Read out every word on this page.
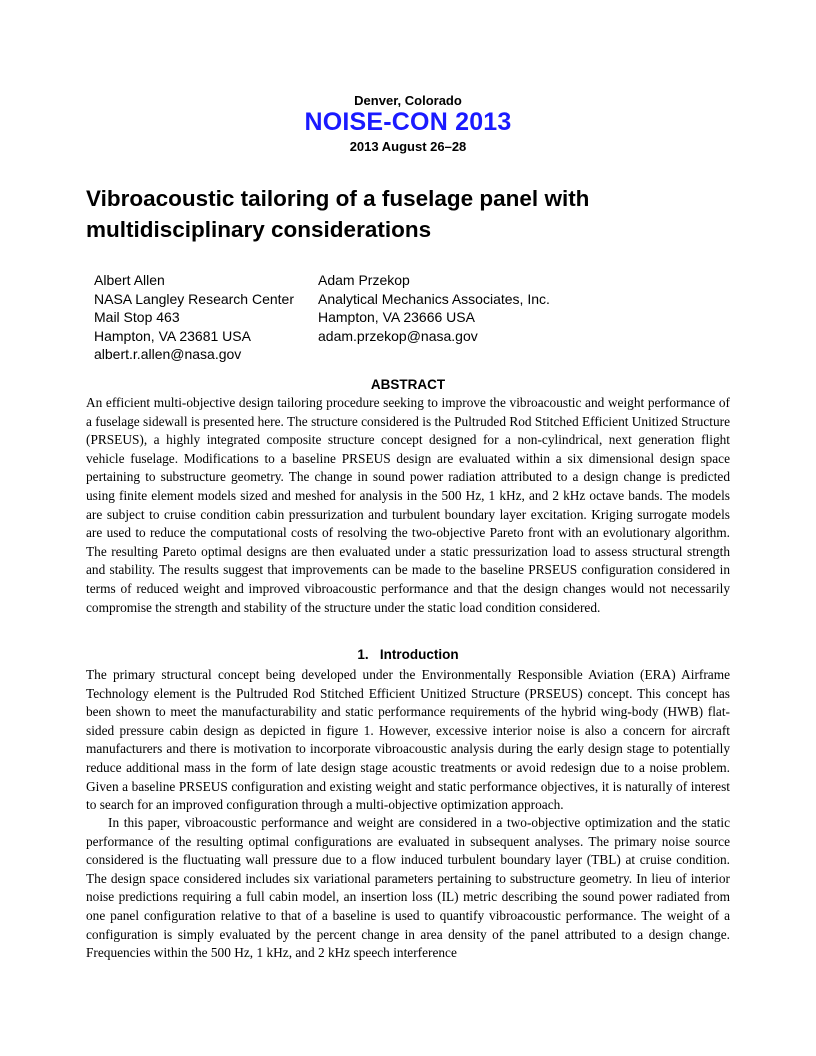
Denver, Colorado
NOISE-CON 2013
2013 August 26–28
Vibroacoustic tailoring of a fuselage panel with multidisciplinary considerations
Albert Allen
NASA Langley Research Center
Mail Stop 463
Hampton, VA 23681 USA
albert.r.allen@nasa.gov
Adam Przekop
Analytical Mechanics Associates, Inc.
Hampton, VA 23666 USA
adam.przekop@nasa.gov
ABSTRACT

An efficient multi-objective design tailoring procedure seeking to improve the vibroacoustic and weight performance of a fuselage sidewall is presented here. The structure considered is the Pultruded Rod Stitched Efficient Unitized Structure (PRSEUS), a highly integrated composite structure concept designed for a non-cylindrical, next generation flight vehicle fuselage. Modifications to a baseline PRSEUS design are evaluated within a six dimensional design space pertaining to substructure geometry. The change in sound power radiation attributed to a design change is predicted using finite element models sized and meshed for analysis in the 500 Hz, 1 kHz, and 2 kHz octave bands. The models are subject to cruise condition cabin pressurization and turbulent boundary layer excitation. Kriging surrogate models are used to reduce the computational costs of resolving the two-objective Pareto front with an evolutionary algorithm. The resulting Pareto optimal designs are then evaluated under a static pressurization load to assess structural strength and stability. The results suggest that improvements can be made to the baseline PRSEUS configuration considered in terms of reduced weight and improved vibroacoustic performance and that the design changes would not necessarily compromise the strength and stability of the structure under the static load condition considered.

1.   Introduction

The primary structural concept being developed under the Environmentally Responsible Aviation (ERA) Airframe Technology element is the Pultruded Rod Stitched Efficient Unitized Structure (PRSEUS) concept. This concept has been shown to meet the manufacturability and static performance requirements of the hybrid wing-body (HWB) flat-sided pressure cabin design as depicted in figure 1. However, excessive interior noise is also a concern for aircraft manufacturers and there is motivation to incorporate vibroacoustic analysis during the early design stage to potentially reduce additional mass in the form of late design stage acoustic treatments or avoid redesign due to a noise problem. Given a baseline PRSEUS configuration and existing weight and static performance objectives, it is naturally of interest to search for an improved configuration through a multi-objective optimization approach.

In this paper, vibroacoustic performance and weight are considered in a two-objective optimization and the static performance of the resulting optimal configurations are evaluated in subsequent analyses. The primary noise source considered is the fluctuating wall pressure due to a flow induced turbulent boundary layer (TBL) at cruise condition. The design space considered includes six variational parameters pertaining to substructure geometry. In lieu of interior noise predictions requiring a full cabin model, an insertion loss (IL) metric describing the sound power radiated from one panel configuration relative to that of a baseline is used to quantify vibroacoustic performance. The weight of a configuration is simply evaluated by the percent change in area density of the panel attributed to a design change. Frequencies within the 500 Hz, 1 kHz, and 2 kHz speech interference
